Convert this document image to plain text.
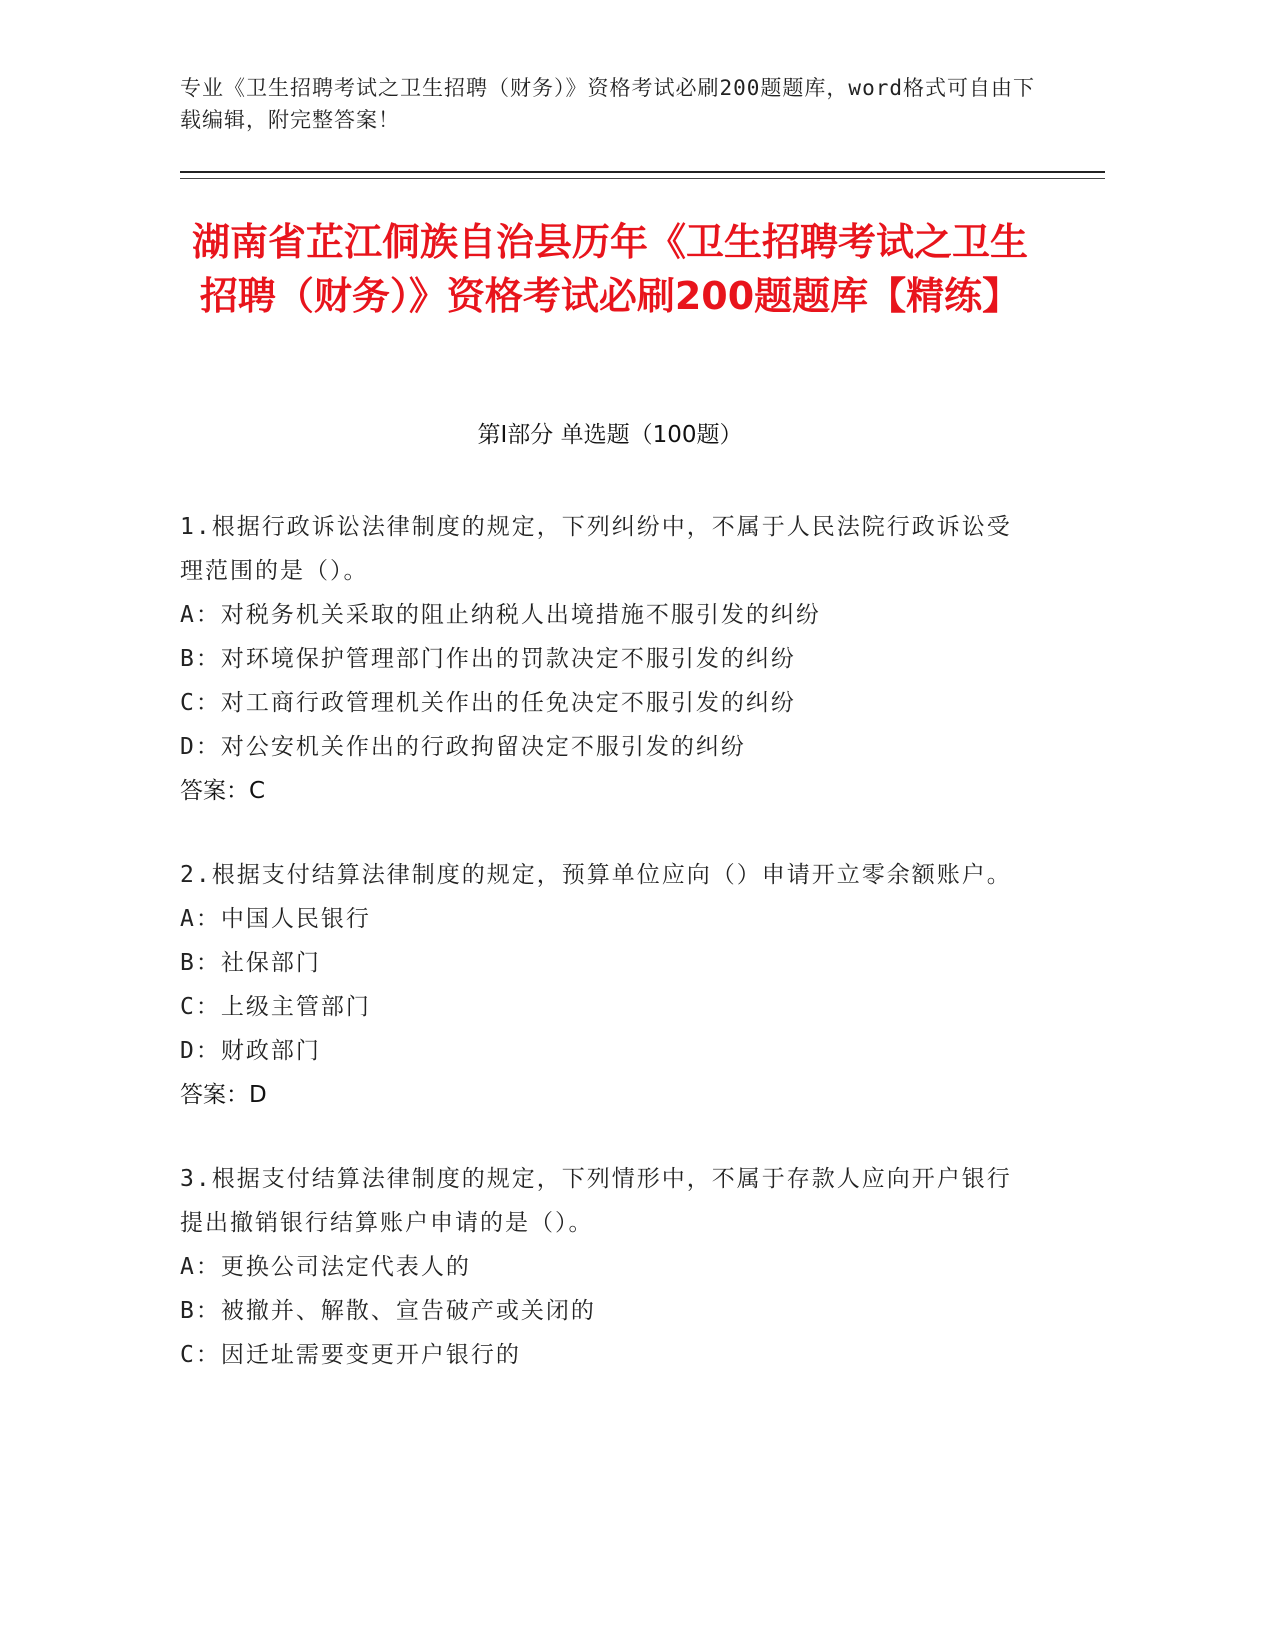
专业《卫生招聘考试之卫生招聘（财务）》资格考试必刷200题题库，word格式可自由下载编辑，附完整答案！
湖南省芷江侗族自治县历年《卫生招聘考试之卫生招聘（财务）》资格考试必刷200题题库【精练】
第Ⅰ部分 单选题（100题）
1.根据行政诉讼法律制度的规定，下列纠纷中，不属于人民法院行政诉讼受理范围的是（）。
A：对税务机关采取的阻止纳税人出境措施不服引发的纠纷
B：对环境保护管理部门作出的罚款决定不服引发的纠纷
C：对工商行政管理机关作出的任免决定不服引发的纠纷
D：对公安机关作出的行政拘留决定不服引发的纠纷
答案：C
2.根据支付结算法律制度的规定，预算单位应向（）申请开立零余额账户。
A：中国人民银行
B：社保部门
C：上级主管部门
D：财政部门
答案：D
3.根据支付结算法律制度的规定，下列情形中，不属于存款人应向开户银行提出撤销银行结算账户申请的是（）。
A：更换公司法定代表人的
B：被撤并、解散、宣告破产或关闭的
C：因迁址需要变更开户银行的
